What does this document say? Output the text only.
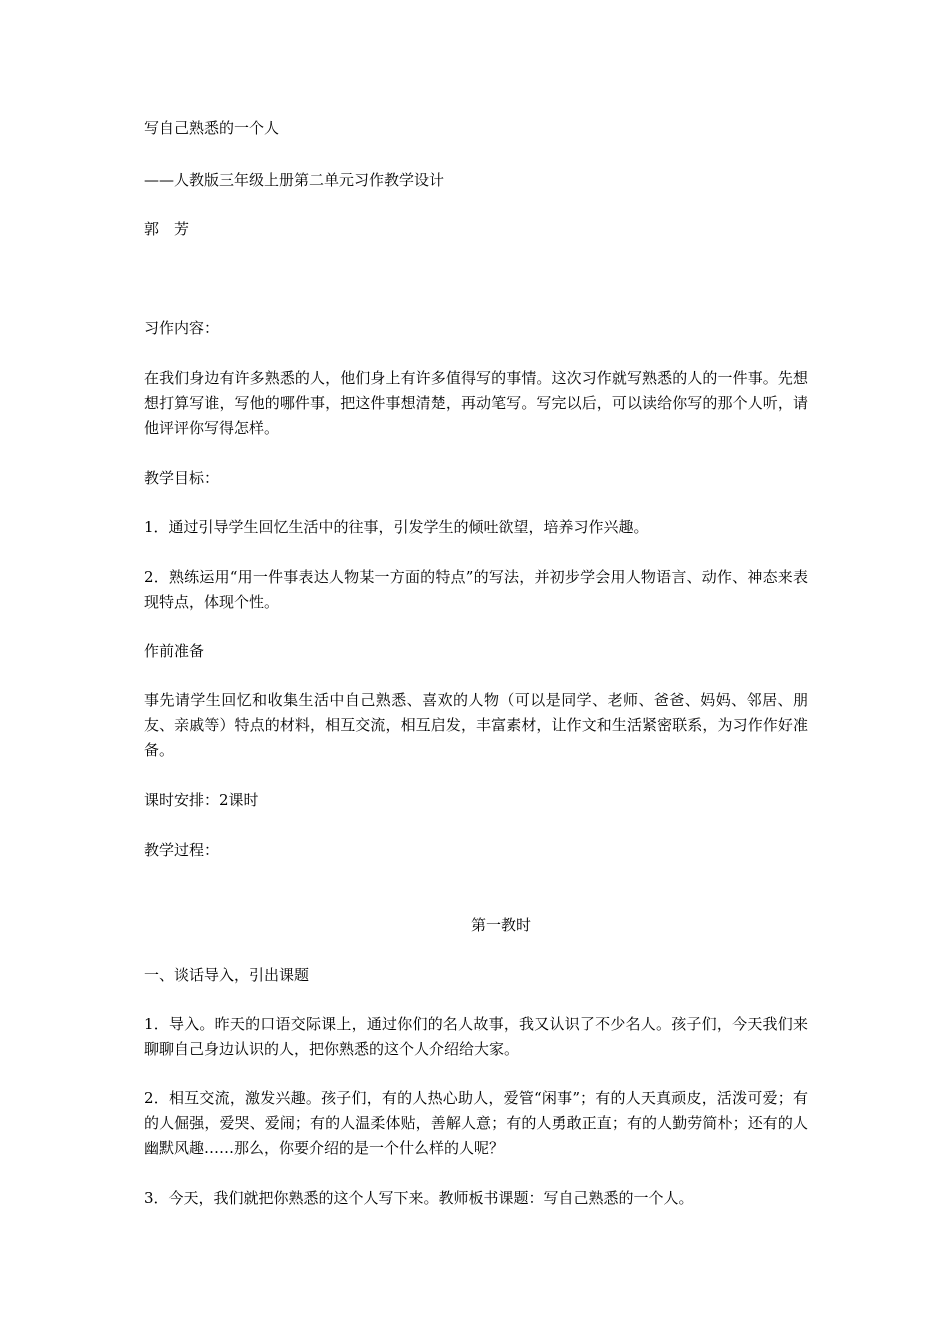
写自己熟悉的一个人
——人教版三年级上册第二单元习作教学设计
郭　芳
习作内容：
在我们身边有许多熟悉的人，他们身上有许多值得写的事情。这次习作就写熟悉的人的一件事。先想想打算写谁，写他的哪件事，把这件事想清楚，再动笔写。写完以后，可以读给你写的那个人听，请他评评你写得怎样。
教学目标：
1．通过引导学生回忆生活中的往事，引发学生的倾吐欲望，培养习作兴趣。
2．熟练运用“用一件事表达人物某一方面的特点”的写法，并初步学会用人物语言、动作、神态来表现特点，体现个性。
作前准备
事先请学生回忆和收集生活中自己熟悉、喜欢的人物（可以是同学、老师、爸爸、妈妈、邻居、朋友、亲戚等）特点的材料，相互交流，相互启发，丰富素材，让作文和生活紧密联系，为习作作好准备。
课时安排：2课时
教学过程：
第一教时
一、谈话导入，引出课题
1．导入。昨天的口语交际课上，通过你们的名人故事，我又认识了不少名人。孩子们，今天我们来聊聊自己身边认识的人，把你熟悉的这个人介绍给大家。
2．相互交流，激发兴趣。孩子们，有的人热心助人，爱管“闲事”；有的人天真顽皮，活泼可爱；有的人倔强，爱哭、爱闹；有的人温柔体贴，善解人意；有的人勇敢正直；有的人勤劳简朴；还有的人幽默风趣……那么，你要介绍的是一个什么样的人呢？
3．今天，我们就把你熟悉的这个人写下来。教师板书课题：写自己熟悉的一个人。
